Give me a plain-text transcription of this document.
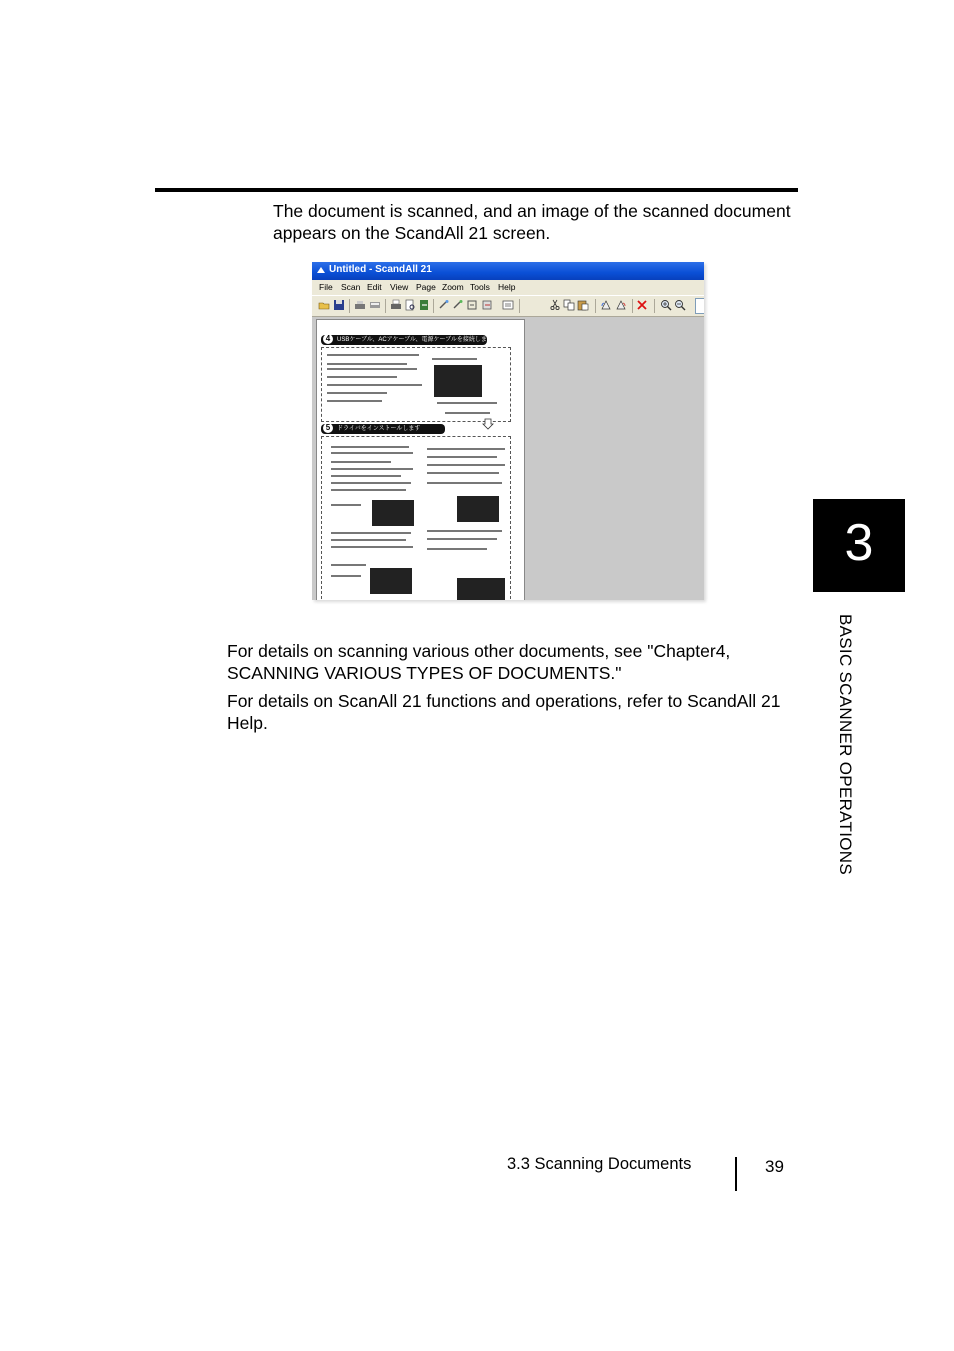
The document is scanned, and an image of the scanned document appears on the ScandAll 21 screen.
Untitled - ScandAll 21
File Scan Edit View Page Zoom Tools Help
4	USBケーブル、ACアケーブル、電源ケーブルを接続します
5	ドライバをインストールします
For details on scanning various other documents, see "Chapter4, SCANNING VARIOUS TYPES OF DOCUMENTS."
For details on ScanAll 21 functions and operations, refer to ScandAll 21 Help.
3
BASIC SCANNER OPERATIONS
3.3 Scanning Documents	39
